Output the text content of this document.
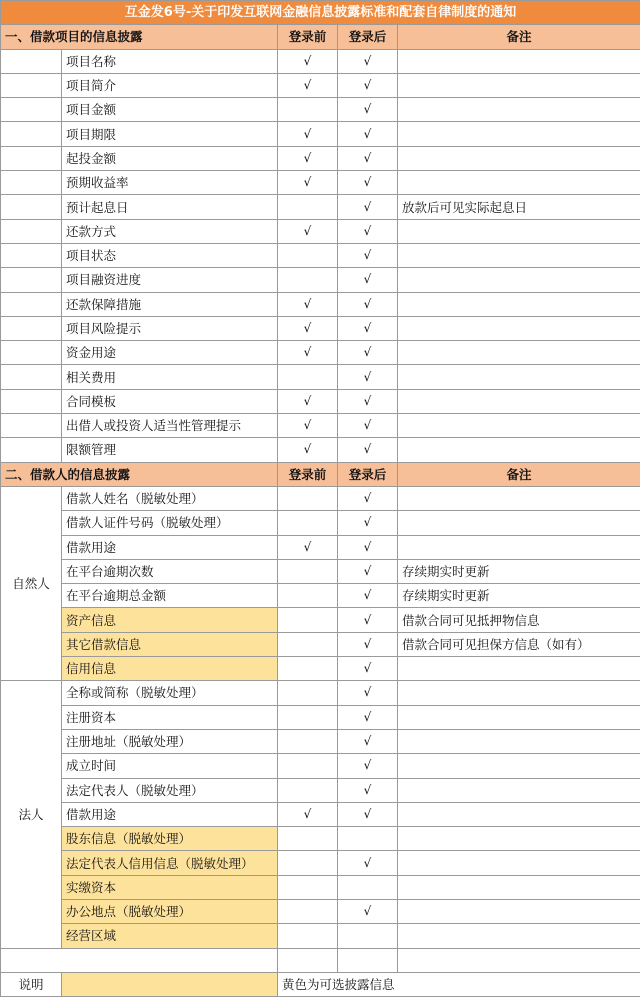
互金发6号-关于印发互联网金融信息披露标准和配套自律制度的通知				
一、借款项目的信息披露		登录前	登录后	备注
	项目名称	√	√	
	项目简介	√	√	
	项目金额		√	
	项目期限	√	√	
	起投金额	√	√	
	预期收益率	√	√	
	预计起息日		√	放款后可见实际起息日
	还款方式	√	√	
	项目状态		√	
	项目融资进度		√	
	还款保障措施	√	√	
	项目风险提示	√	√	
	资金用途	√	√	
	相关费用		√	
	合同模板	√	√	
	出借人或投资人适当性管理提示	√	√	
	限额管理	√	√	
二、借款人的信息披露		登录前	登录后	备注
自然人	借款人姓名（脱敏处理）		√	
	借款人证件号码（脱敏处理）		√	
	借款用途	√	√	
	在平台逾期次数		√	存续期实时更新
	在平台逾期总金额		√	存续期实时更新
	资产信息		√	借款合同可见抵押物信息
	其它借款信息		√	借款合同可见担保方信息（如有）
	信用信息		√	
法人	全称或简称（脱敏处理）		√	
	注册资本		√	
	注册地址（脱敏处理）		√	
	成立时间		√	
	法定代表人（脱敏处理）		√	
	借款用途	√	√	
	股东信息（脱敏处理）			
	法定代表人信用信息（脱敏处理）		√	
	实缴资本			
	办公地点（脱敏处理）		√	
	经营区域			

说明		黄色为可选披露信息		
